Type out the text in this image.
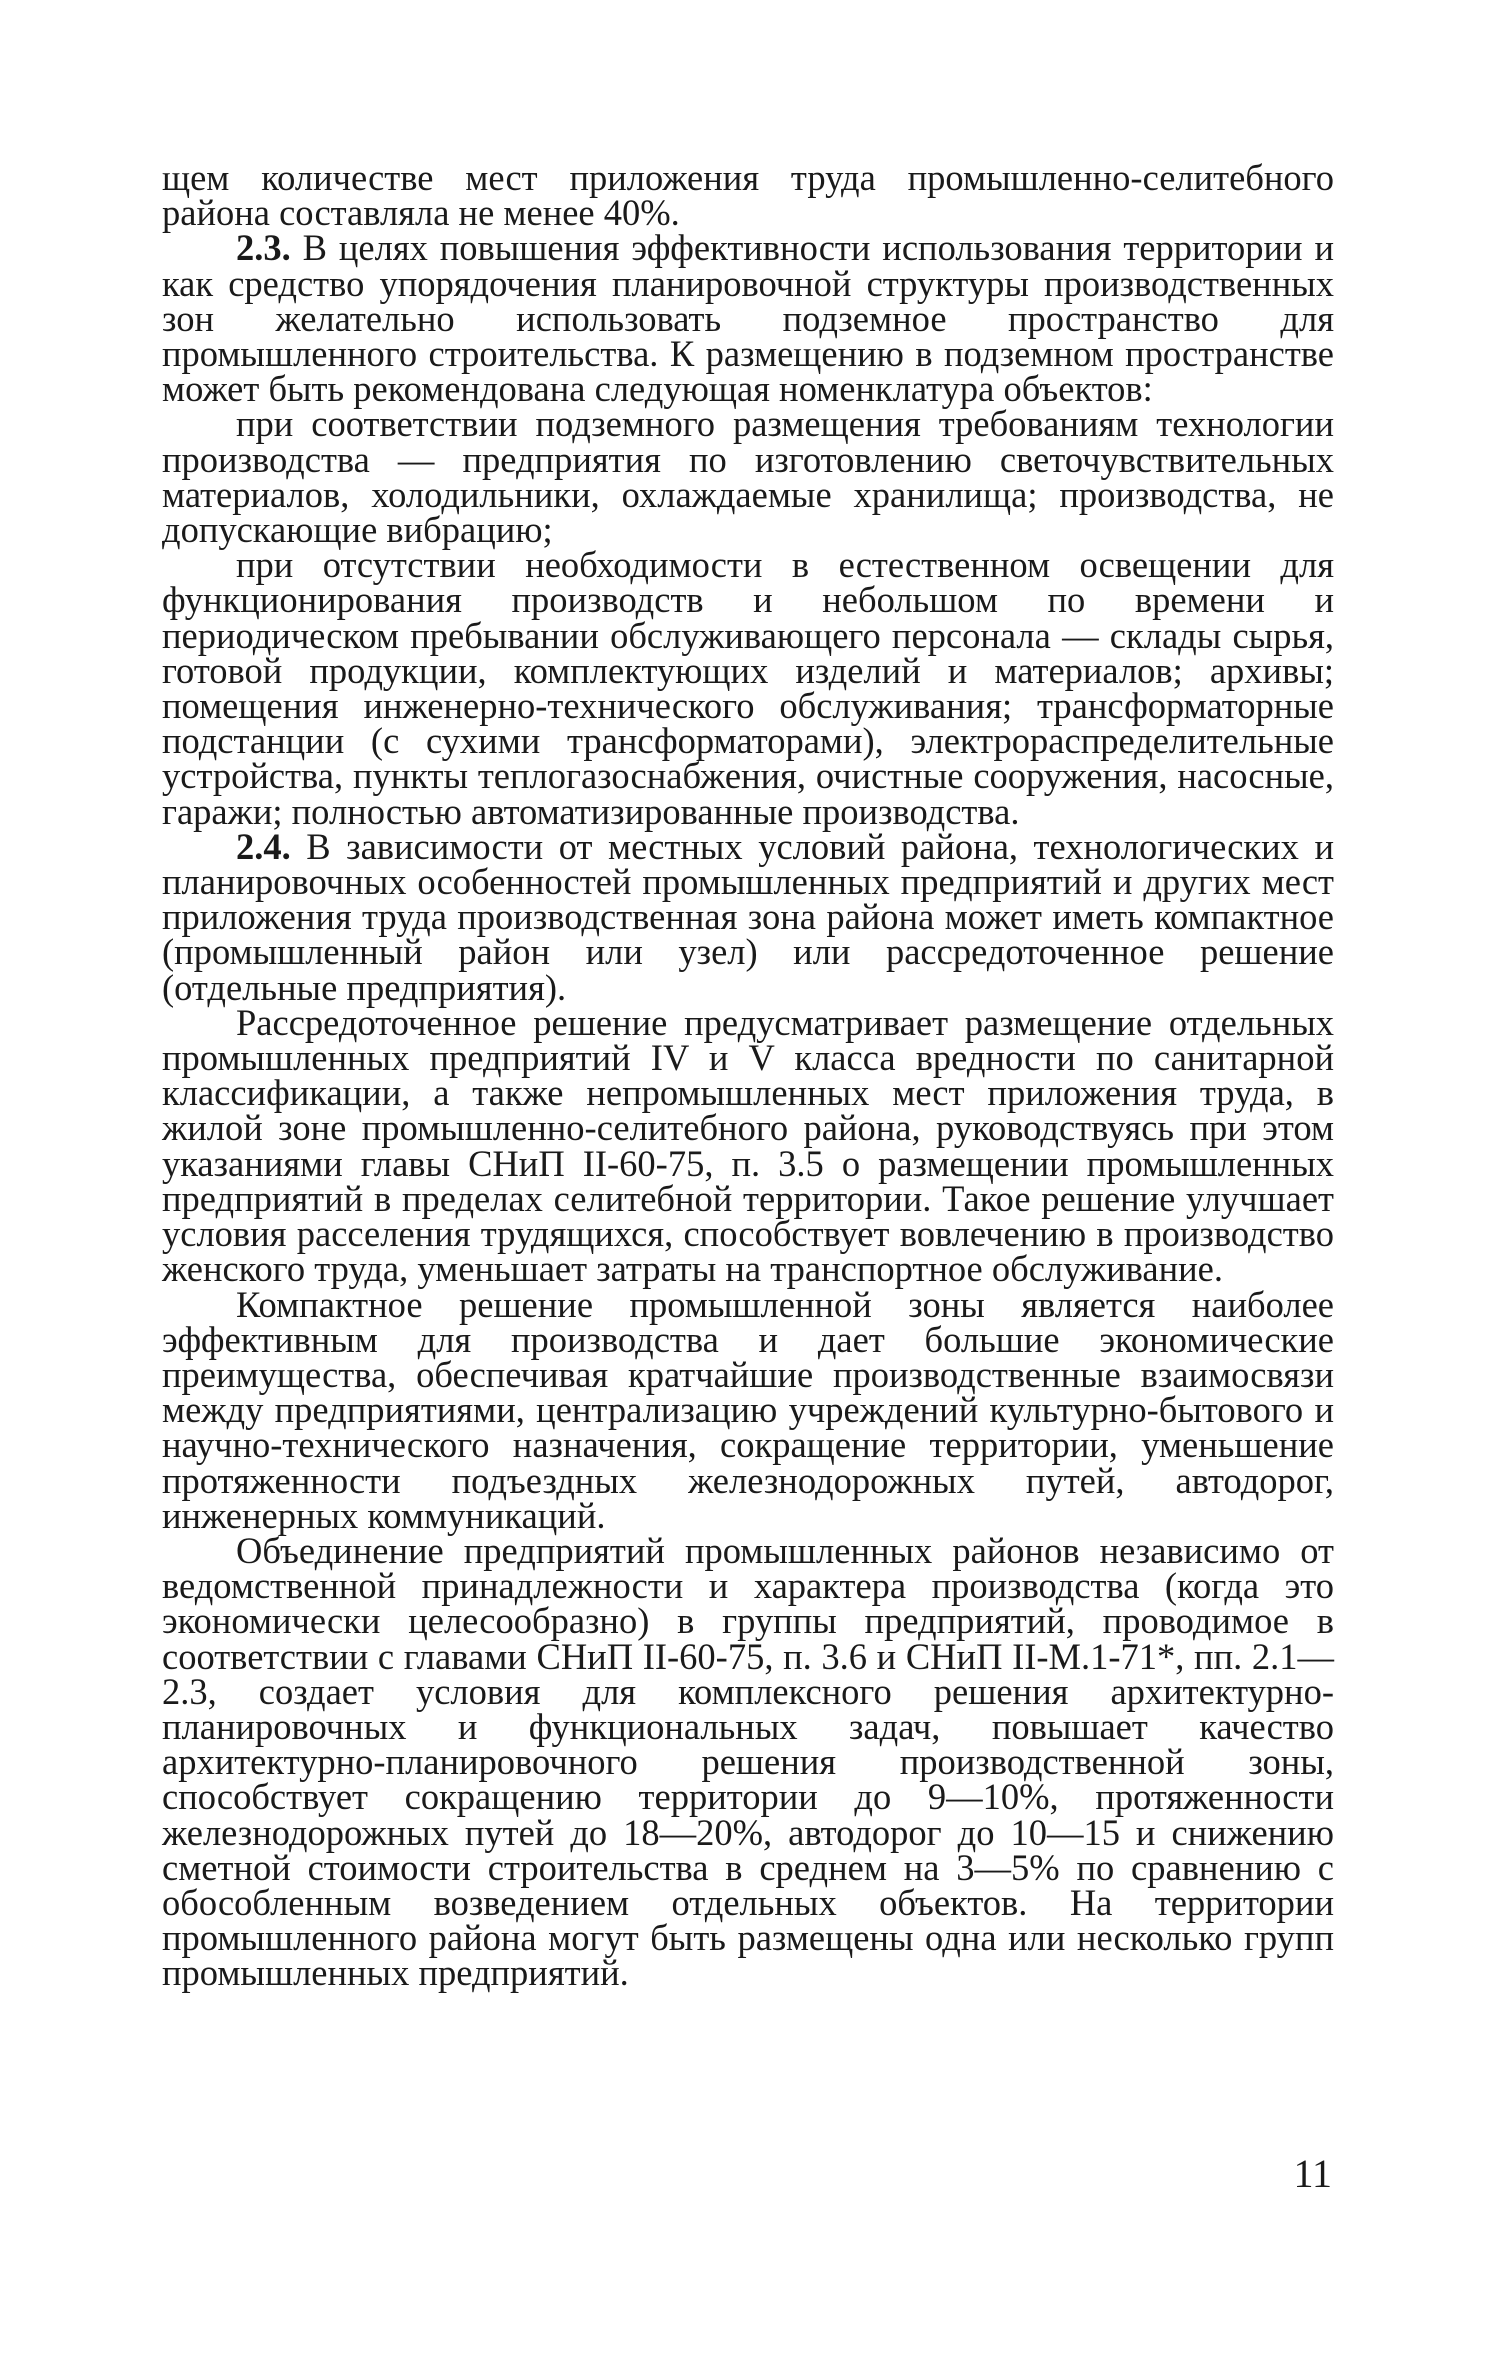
щем количестве мест приложения труда промышленно-селитебного района составляла не менее 40%.

2.3. В целях повышения эффективности использования территории и как средство упорядочения планировочной структуры производственных зон желательно использовать подземное пространство для промышленного строительства. К размещению в подземном пространстве может быть рекомендована следующая номенклатура объектов:

при соответствии подземного размещения требованиям технологии производства — предприятия по изготовлению светочувствительных материалов, холодильники, охлаждаемые хранилища; производства, не допускающие вибрацию;

при отсутствии необходимости в естественном освещении для функционирования производств и небольшом по времени и периодическом пребывании обслуживающего персонала — склады сырья, готовой продукции, комплектующих изделий и материалов; архивы; помещения инженерно-технического обслуживания; трансформаторные подстанции (с сухими трансформаторами), электрораспределительные устройства, пункты теплогазоснабжения, очистные сооружения, насосные, гаражи; полностью автоматизированные производства.

2.4. В зависимости от местных условий района, технологических и планировочных особенностей промышленных предприятий и других мест приложения труда производственная зона района может иметь компактное (промышленный район или узел) или рассредоточенное решение (отдельные предприятия).

Рассредоточенное решение предусматривает размещение отдельных промышленных предприятий IV и V класса вредности по санитарной классификации, а также непромышленных мест приложения труда, в жилой зоне промышленно-селитебного района, руководствуясь при этом указаниями главы СНиП II-60-75, п. 3.5 о размещении промышленных предприятий в пределах селитебной территории. Такое решение улучшает условия расселения трудящихся, способствует вовлечению в производство женского труда, уменьшает затраты на транспортное обслуживание.

Компактное решение промышленной зоны является наиболее эффективным для производства и дает большие экономические преимущества, обеспечивая кратчайшие производственные взаимосвязи между предприятиями, централизацию учреждений культурно-бытового и научно-технического назначения, сокращение территории, уменьшение протяженности подъездных железнодорожных путей, автодорог, инженерных коммуникаций.

Объединение предприятий промышленных районов независимо от ведомственной принадлежности и характера производства (когда это экономически целесообразно) в группы предприятий, проводимое в соответствии с главами СНиП II-60-75, п. 3.6 и СНиП II-М.1-71*, пп. 2.1—2.3, создает условия для комплексного решения архитектурно-планировочных и функциональных задач, повышает качество архитектурно-планировочного решения производственной зоны, способствует сокращению территории до 9—10%, протяженности железнодорожных путей до 18—20%, автодорог до 10—15 и снижению сметной стоимости строительства в среднем на 3—5% по сравнению с обособленным возведением отдельных объектов. На территории промышленного района могут быть размещены одна или несколько групп промышленных предприятий.

11
